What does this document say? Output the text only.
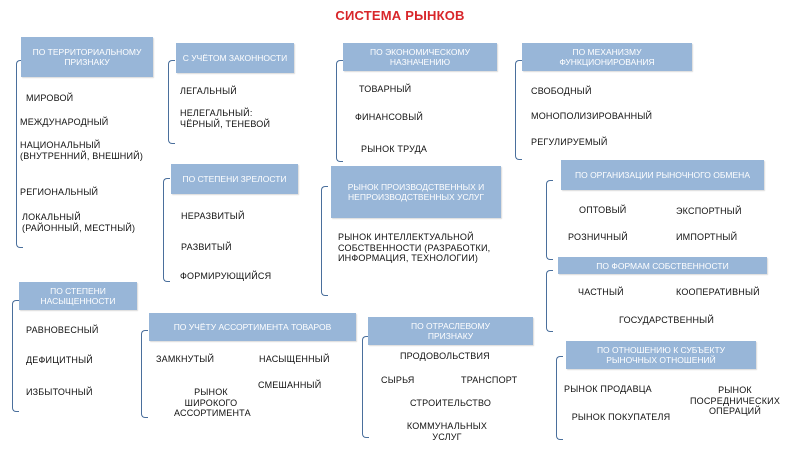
СИСТЕМА РЫНКОВ
ПО ТЕРРИТОРИАЛЬНОМУ ПРИЗНАКУ
МИРОВОЙ
МЕЖДУНАРОДНЫЙ
НАЦИОНАЛЬНЫЙ (ВНУТРЕННИЙ, ВНЕШНИЙ)
РЕГИОНАЛЬНЫЙ
ЛОКАЛЬНЫЙ (РАЙОННЫЙ, МЕСТНЫЙ)
С УЧЁТОМ ЗАКОННОСТИ
ЛЕГАЛЬНЫЙ
НЕЛЕГАЛЬНЫЙ: ЧЁРНЫЙ, ТЕНЕВОЙ
ПО ЭКОНОМИЧЕСКОМУ НАЗНАЧЕНИЮ
ТОВАРНЫЙ
ФИНАНСОВЫЙ
РЫНОК ТРУДА
ПО МЕХАНИЗМУ ФУНКЦИОНИРОВАНИЯ
СВОБОДНЫЙ
МОНОПОЛИЗИРОВАННЫЙ
РЕГУЛИРУЕМЫЙ
ПО СТЕПЕНИ ЗРЕЛОСТИ
НЕРАЗВИТЫЙ
РАЗВИТЫЙ
ФОРМИРУЮЩИЙСЯ
РЫНОК ПРОИЗВОДСТВЕННЫХ И НЕПРОИЗВОДСТВЕННЫХ УСЛУГ
РЫНОК ИНТЕЛЛЕКТУАЛЬНОЙ СОБСТВЕННОСТИ (РАЗРАБОТКИ, ИНФОРМАЦИЯ, ТЕХНОЛОГИИ)
ПО ОРГАНИЗАЦИИ РЫНОЧНОГО ОБМЕНА
ОПТОВЫЙ	ЭКСПОРТНЫЙ
РОЗНИЧНЫЙ	ИМПОРТНЫЙ
ПО ФОРМАМ СОБСТВЕННОСТИ
ЧАСТНЫЙ	КООПЕРАТИВНЫЙ
ГОСУДАРСТВЕННЫЙ
ПО СТЕПЕНИ НАСЫЩЕННОСТИ
РАВНОВЕСНЫЙ
ДЕФИЦИТНЫЙ
ИЗБЫТОЧНЫЙ
ПО УЧЁТУ АССОРТИМЕНТА ТОВАРОВ
ЗАМКНУТЫЙ	НАСЫЩЕННЫЙ
РЫНОК ШИРОКОГО АССОРТИМЕНТА
СМЕШАННЫЙ
ПО ОТРАСЛЕВОМУ ПРИЗНАКУ
ПРОДОВОЛЬСТВИЯ
СЫРЬЯ	ТРАНСПОРТ
СТРОИТЕЛЬСТВО
КОММУНАЛЬНЫХ УСЛУГ
ПО ОТНОШЕНИЮ К СУБЪЕКТУ РЫНОЧНЫХ ОТНОШЕНИЙ
РЫНОК ПРОДАВЦА	РЫНОК ПОСРЕДНИЧЕСКИХ ОПЕРАЦИЙ
РЫНОК ПОКУПАТЕЛЯ
